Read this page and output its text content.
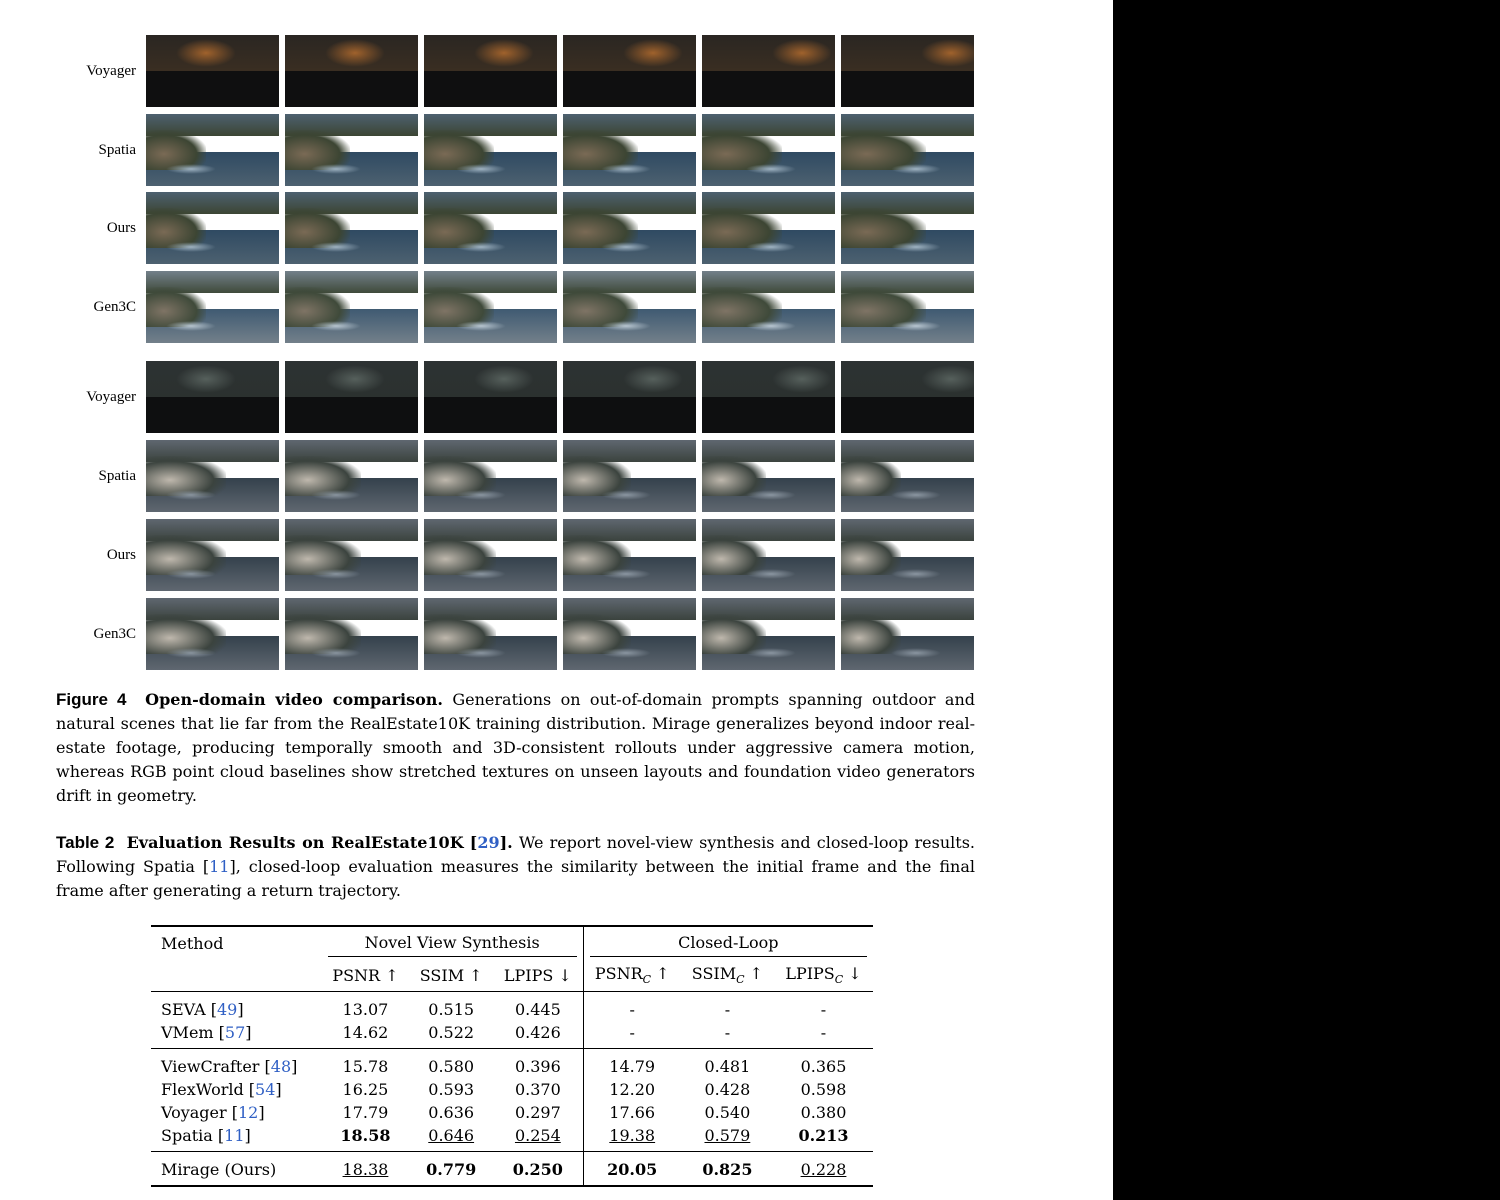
Voyager
Spatia
Ours
Gen3C
Voyager
Spatia
Ours
Gen3C
Figure 4 Open-domain video comparison. Generations on out-of-domain prompts spanning outdoor and natural scenes that lie far from the RealEstate10K training distribution. Mirage generalizes beyond indoor real-estate footage, producing temporally smooth and 3D-consistent rollouts under aggressive camera motion, whereas RGB point cloud baselines show stretched textures on unseen layouts and foundation video generators drift in geometry.
Table 2 Evaluation Results on RealEstate10K [29]. We report novel-view synthesis and closed-loop results. Following Spatia [11], closed-loop evaluation measures the similarity between the initial frame and the final frame after generating a return trajectory.
Method	Novel View Synthesis			Closed-Loop		

	PSNR ↑	SSIM ↑	LPIPS ↓	$PSNR_C$ ↑	$SSIM_C$ ↑	$LPIPS_C$ ↓
SEVA [49]	13.07	0.515	0.445	-	-	-
VMem [57]	14.62	0.522	0.426	-	-	-
ViewCrafter [48]	15.78	0.580	0.396	14.79	0.481	0.365
FlexWorld [54]	16.25	0.593	0.370	12.20	0.428	0.598
Voyager [12]	17.79	0.636	0.297	17.66	0.540	0.380
Spatia [11]	18.58	0.646	0.254	19.38	0.579	0.213
Mirage (Ours)	18.38	0.779	0.250	20.05	0.825	0.228
